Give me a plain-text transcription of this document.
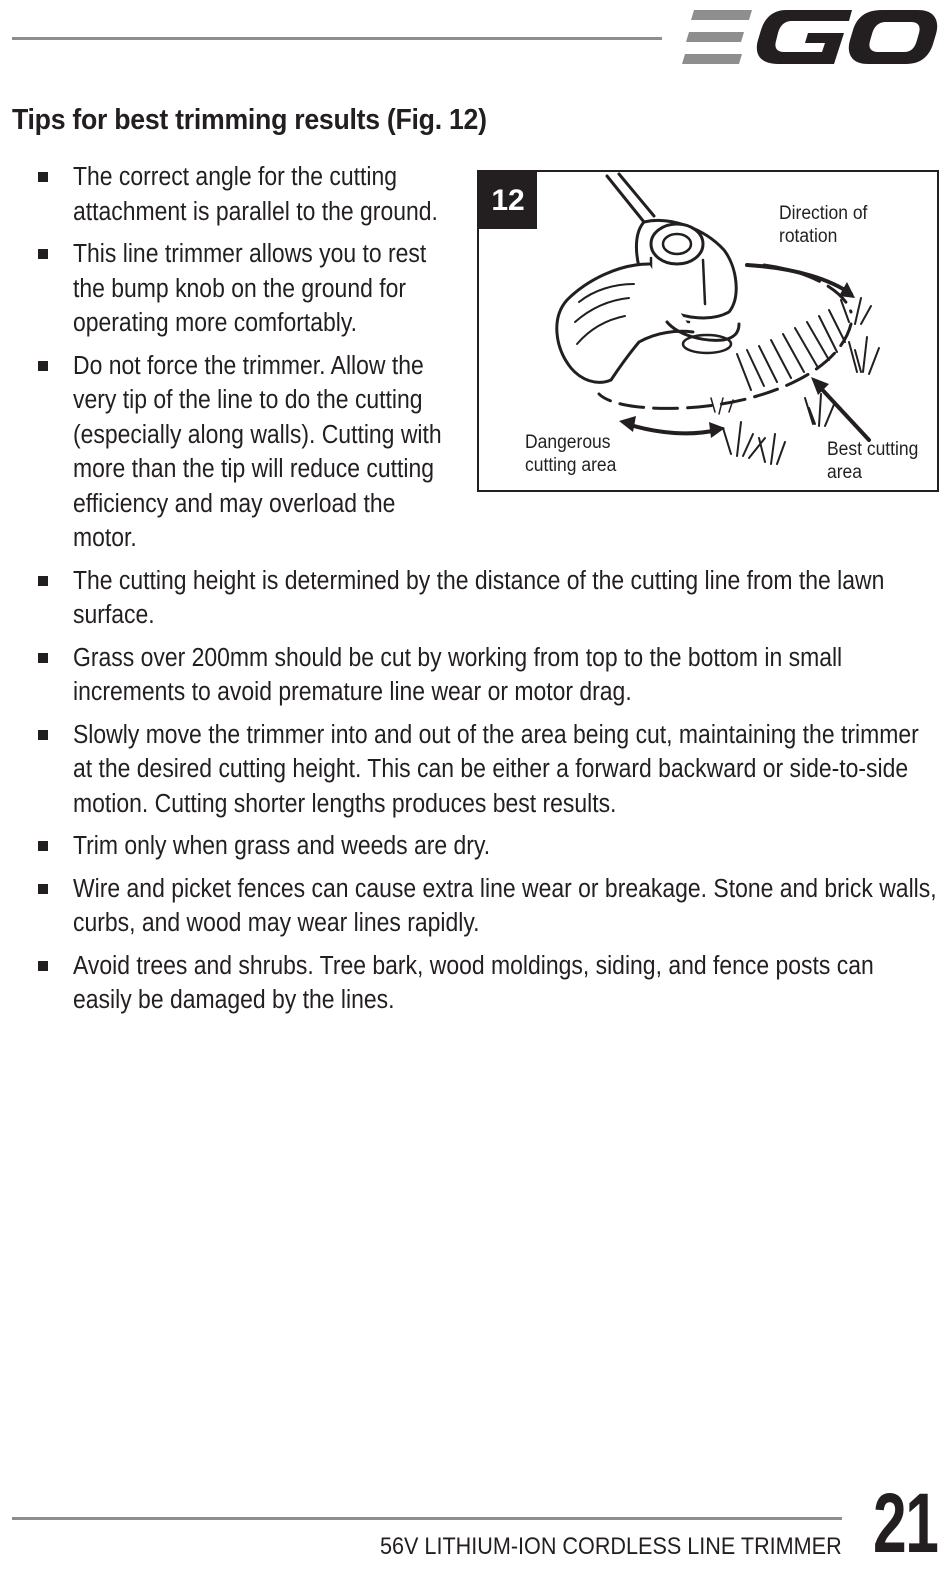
Tips for best trimming results (Fig. 12)
The correct angle for the cutting attachment is parallel to the ground.
This line trimmer allows you to rest the bump knob on the ground for operating more comfortably.
Do not force the trimmer. Allow the very tip of the line to do the cutting (especially along walls). Cutting with more than the tip will reduce cutting efficiency and may overload the motor.
The cutting height is determined by the distance of the cutting line from the lawn surface.
Grass over 200mm should be cut by working from top to the bottom in small increments to avoid premature line wear or motor drag.
Slowly move the trimmer into and out of the area being cut, maintaining the trimmer at the desired cutting height. This can be either a forward backward or side-to-side motion. Cutting shorter lengths produces best results.
Trim only when grass and weeds are dry.
Wire and picket fences can cause extra line wear or breakage. Stone and brick walls, curbs, and wood may wear lines rapidly.
Avoid trees and shrubs. Tree bark, wood moldings, siding, and fence posts can easily be damaged by the lines.
12	Direction of
rotation
Dangerous
cutting area
Best cutting
area
56V LITHIUM-ION CORDLESS LINE TRIMMER 21
